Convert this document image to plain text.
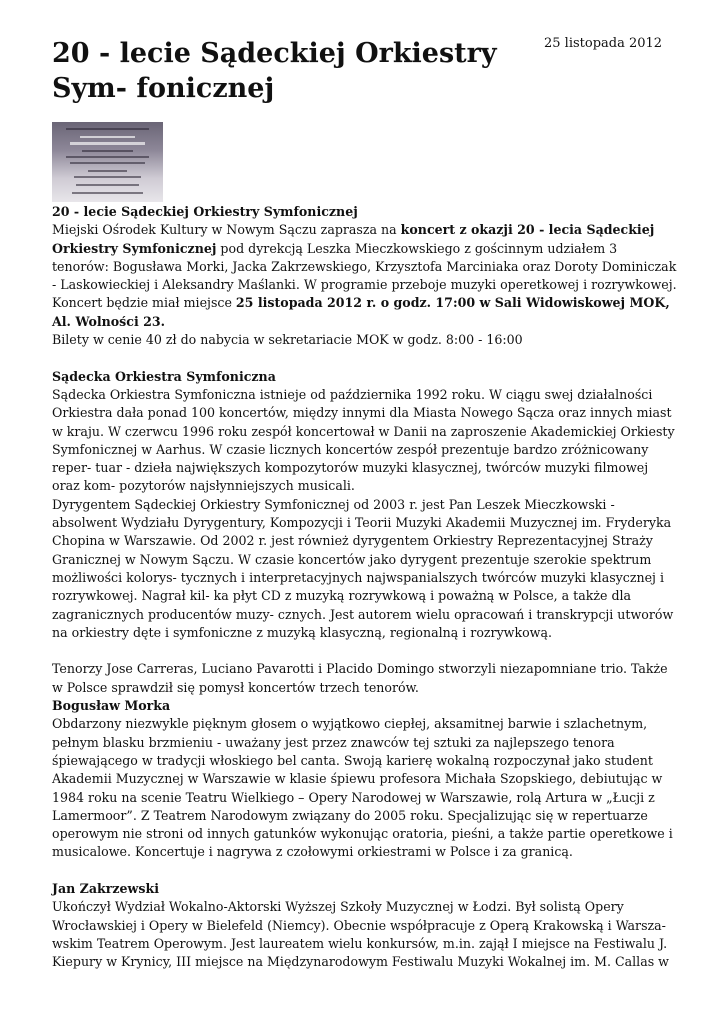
25 listopada 2012
20 - lecie Sądeckiej Orkiestry Sym- fonicznej

20 - lecie Sądeckiej Orkiestry Symfonicznej

Miejski Ośrodek Kultury w Nowym Sączu zaprasza na koncert z okazji 20 - lecia Sądeckiej Orkiestry Symfonicznej pod dyrekcją Leszka Mieczkowskiego z gościnnym udziałem 3 tenorów: Bogusława Morki, Jacka Zakrzewskiego, Krzysztofa Marciniaka oraz Doroty Dominiczak - Laskowieckiej i Aleksandry Maślanki. W programie przeboje muzyki operetkowej i rozrywkowej. Koncert będzie miał miejsce 25 listopada 2012 r. o godz. 17:00 w Sali Widowiskowej MOK, Al. Wolności 23.

Bilety w cenie 40 zł do nabycia w sekretariacie MOK w godz. 8:00 - 16:00

Sądecka Orkiestra Symfoniczna

Sądecka Orkiestra Symfoniczna istnieje od października 1992 roku. W ciągu swej działalności Orkiestra dała ponad 100 koncertów, między innymi dla Miasta Nowego Sącza oraz innych miast w kraju. W czerwcu 1996 roku zespół koncertował w Danii na zaproszenie Akademickiej Orkiesty Symfonicznej w Aarhus. W czasie licznych koncertów zespół prezentuje bardzo zróżnicowany reper- tuar - dzieła największych kompozytorów muzyki klasycznej, twórców muzyki filmowej oraz kom- pozytorów najsłynniejszych musicali.

Dyrygentem Sądeckiej Orkiestry Symfonicznej od 2003 r. jest Pan Leszek Mieczkowski - absolwent Wydziału Dyrygentury, Kompozycji i Teorii Muzyki Akademii Muzycznej im. Fryderyka Chopina w Warszawie. Od 2002 r. jest również dyrygentem Orkiestry Reprezentacyjnej Straży Granicznej w Nowym Sączu. W czasie koncertów jako dyrygent prezentuje szerokie spektrum możliwości kolorys- tycznych i interpretacyjnych najwspanialszych twórców muzyki klasycznej i rozrywkowej. Nagrał kil- ka płyt CD z muzyką rozrywkową i poważną w Polsce, a także dla zagranicznych producentów muzy- cznych. Jest autorem wielu opracowań i transkrypcji utworów na orkiestry dęte i symfoniczne z muzyką klasyczną, regionalną i rozrywkową.

Tenorzy Jose Carreras, Luciano Pavarotti i Placido Domingo stworzyli niezapomniane trio. Także w Polsce sprawdził się pomysł koncertów trzech tenorów.

Bogusław Morka

Obdarzony niezwykle pięknym głosem o wyjątkowo ciepłej, aksamitnej barwie i szlachetnym, pełnym blasku brzmieniu - uważany jest przez znawców tej sztuki za najlepszego tenora śpiewającego w tradycji włoskiego bel canta. Swoją karierę wokalną rozpoczynał jako student Akademii Muzycznej w Warszawie w klasie śpiewu profesora Michała Szopskiego, debiutując w 1984 roku na scenie Teatru Wielkiego – Opery Narodowej w Warszawie, rolą Artura w „Łucji z Lamermoor”. Z Teatrem Narodowym związany do 2005 roku. Specjalizując się w repertuarze operowym nie stroni od innych gatunków wykonując oratoria, pieśni, a także partie operetkowe i musicalowe. Koncertuje i nagrywa z czołowymi orkiestrami w Polsce i za granicą.

Jan Zakrzewski

Ukończył Wydział Wokalno-Aktorski Wyższej Szkoły Muzycznej w Łodzi. Był solistą Opery Wrocławskiej i Opery w Bielefeld (Niemcy). Obecnie współpracuje z Operą Krakowską i Warsza- wskim Teatrem Operowym. Jest laureatem wielu konkursów, m.in. zajął I miejsce na Festiwalu J. Kiepury w Krynicy, III miejsce na Międzynarodowym Festiwalu Muzyki Wokalnej im. M. Callas w
